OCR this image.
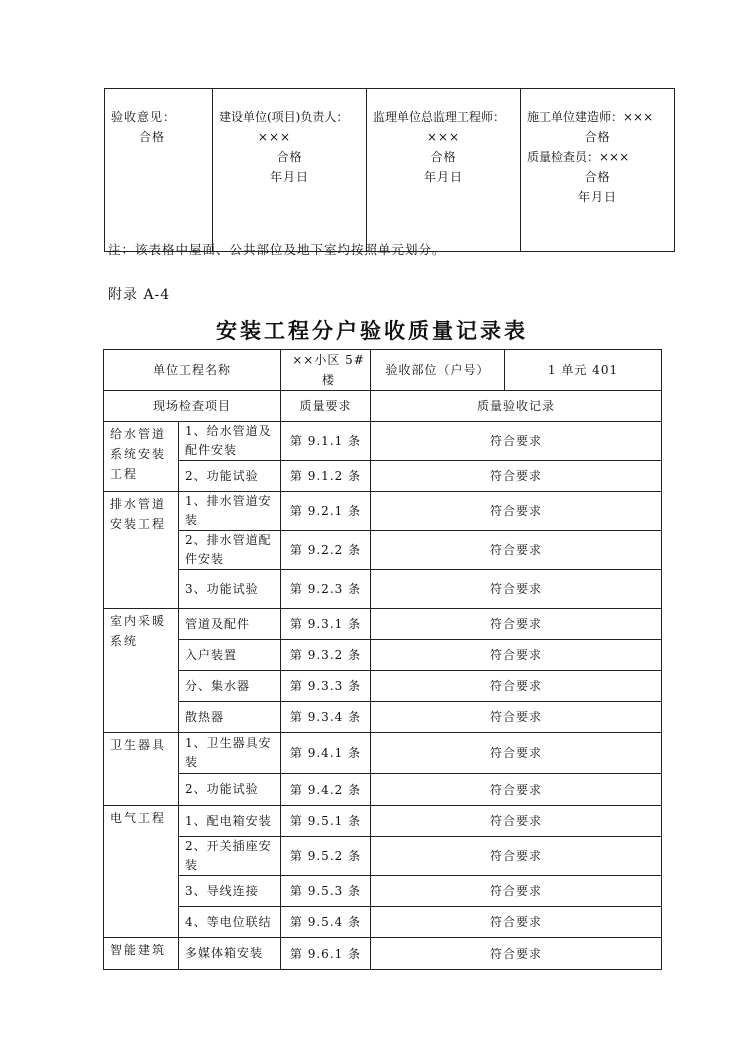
验收意见：
合格

建设单位(项目)负责人：
×××
合格
年月日

监理单位总监理工程师：
×××
合格
年月日

施工单位建造师：×××
合格
质量检查员：×××
合格
年月日
注：该表格中屋面、公共部位及地下室均按照单元划分。
附录 A-4
安装工程分户验收质量记录表
单位工程名称		××小区 5#楼	验收部位（户号）	1 单元 401
现场检查项目		质量要求	质量验收记录	
给水管道系统安装工程	1、给水管道及配件安装	第 9.1.1 条	符合要求	
	2、功能试验	第 9.1.2 条	符合要求	
排水管道安装工程	1、排水管道安装	第 9.2.1 条	符合要求	
	2、排水管道配件安装	第 9.2.2 条	符合要求	
	3、功能试验	第 9.2.3 条	符合要求	
室内采暖系统	管道及配件	第 9.3.1 条	符合要求	
	入户装置	第 9.3.2 条	符合要求	
	分、集水器	第 9.3.3 条	符合要求	
	散热器	第 9.3.4 条	符合要求	
卫生器具	1、卫生器具安装	第 9.4.1 条	符合要求	
	2、功能试验	第 9.4.2 条	符合要求	
电气工程	1、配电箱安装	第 9.5.1 条	符合要求	
	2、开关插座安装	第 9.5.2 条	符合要求	
	3、导线连接	第 9.5.3 条	符合要求	
	4、等电位联结	第 9.5.4 条	符合要求	
智能建筑	多媒体箱安装	第 9.6.1 条	符合要求	
